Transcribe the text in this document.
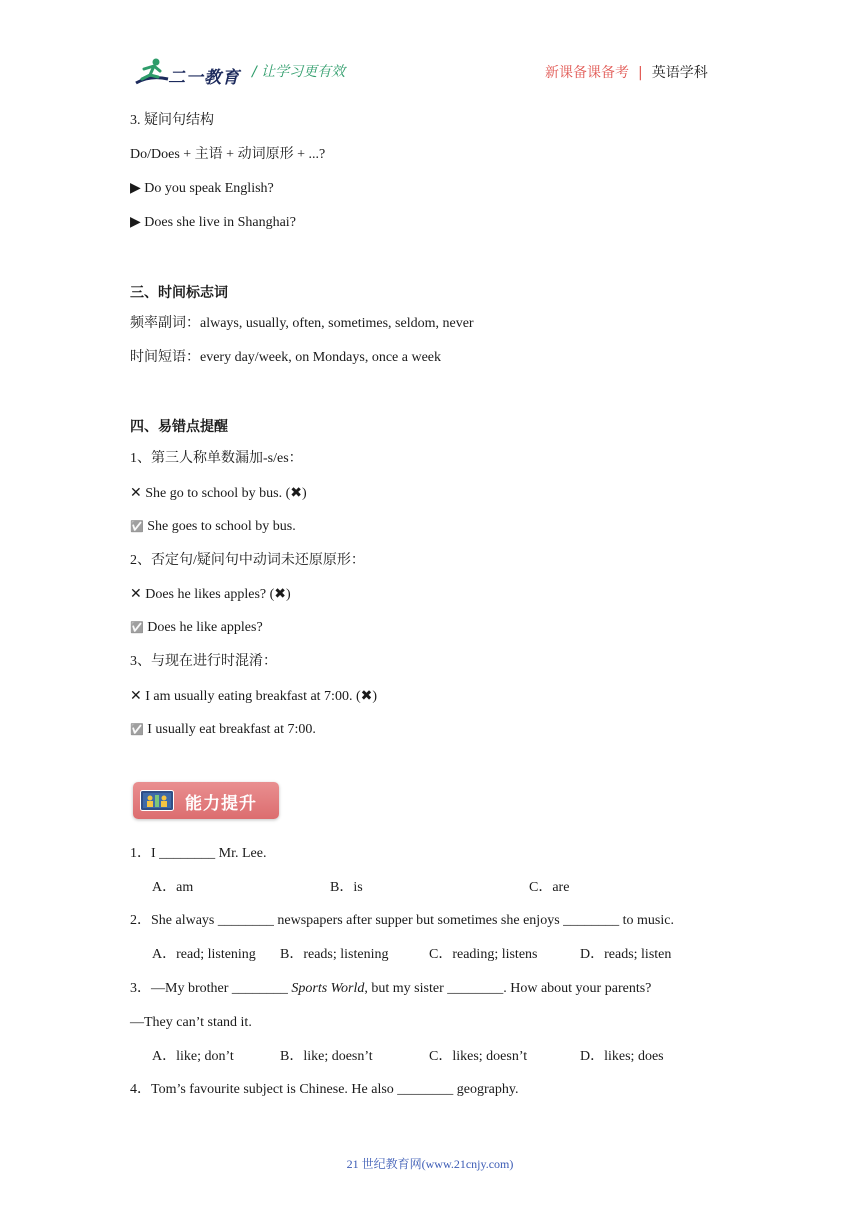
二一教育 / 让学习更有效	新课备课备考 | 英语学科
3. 疑问句结构
Do/Does + 主语 + 动词原形 + ...?
▶ Do you speak English?
▶ Does she live in Shanghai?
三、时间标志词
频率副词：always, usually, often, sometimes, seldom, never
时间短语：every day/week, on Mondays, once a week
四、易错点提醒
1、第三人称单数漏加-s/es：
✕ She go to school by bus. (✖)
✅ She goes to school by bus.
2、否定句/疑问句中动词未还原原形：
✕ Does he likes apples? (✖)
✅ Does he like apples?
3、与现在进行时混淆：
✕ I am usually eating breakfast at 7:00. (✖)
✅ I usually eat breakfast at 7:00.
能力提升
1．I ________ Mr. Lee.
A．am	B．is	C．are
2．She always ________ newspapers after supper but sometimes she enjoys ________ to music.
A．read; listening B．reads; listening	C．reading; listens	D．reads; listen
3．—My brother ________ Sports World, but my sister ________. How about your parents?
—They can’t stand it.
A．like; don’t	B．like; doesn’t	C．likes; doesn’t	D．likes; does
4．Tom’s favourite subject is Chinese. He also ________ geography.
21 世纪教育网(www.21cnjy.com)
